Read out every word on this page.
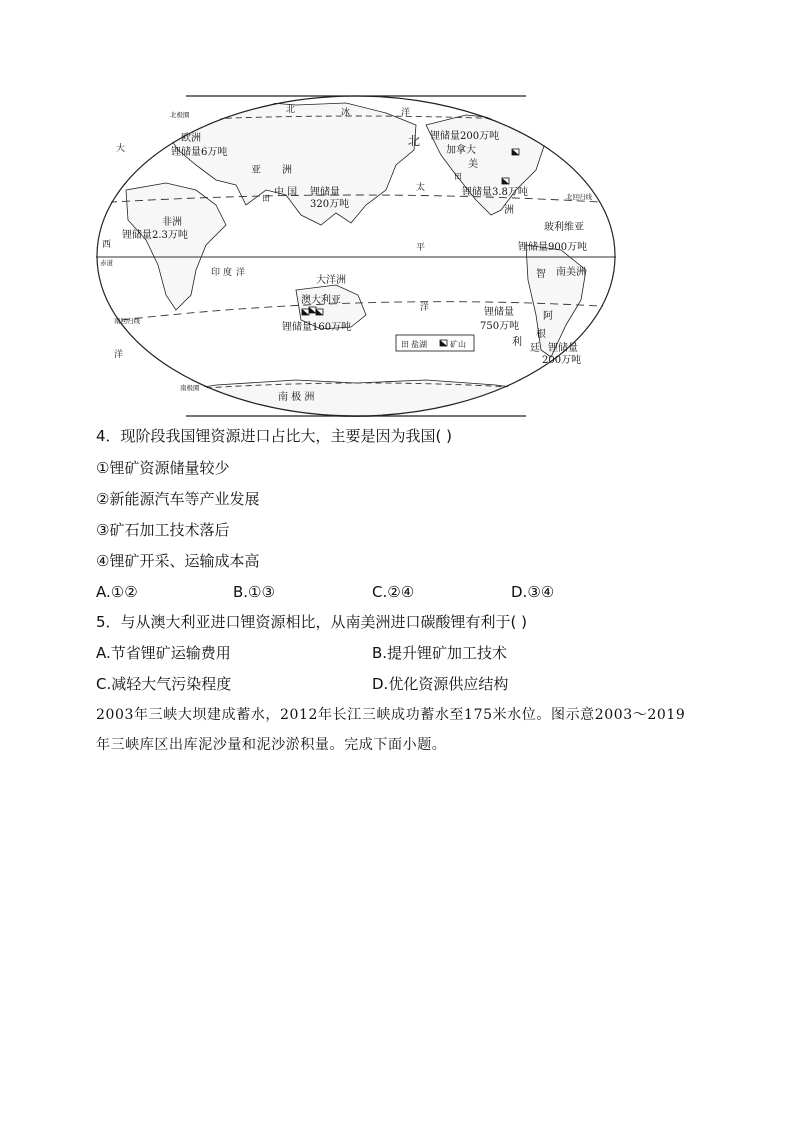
北	冰	洋
太
平
洋
印 度 洋
大
西
洋
北极圈
北回归线
赤道
南回归线
南极圈
欧洲
亚 洲
非洲
大洋洲
澳大利亚
北
美
洲
加拿大
南美洲
南 极 洲
中 国
玻利维亚
智
利
阿
根
廷
锂储量6万吨
锂储量
320万吨
锂储量2.3万吨
锂储量200万吨
锂储量3.8万吨
锂储量900万吨
锂储量160万吨
锂储量
750万吨
锂储量
200万吨
田
田
田 盐湖	矿山
4．现阶段我国锂资源进口占比大，主要是因为我国( )
①锂矿资源储量较少
②新能源汽车等产业发展
③矿石加工技术落后
④锂矿开采、运输成本高
A.①②	B.①③	C.②④	D.③④
5．与从澳大利亚进口锂资源相比，从南美洲进口碳酸锂有利于( )
A.节省锂矿运输费用	B.提升锂矿加工技术
C.减轻大气污染程度	D.优化资源供应结构
2003年三峡大坝建成蓄水，2012年长江三峡成功蓄水至175米水位。图示意2003～2019
年三峡库区出库泥沙量和泥沙淤积量。完成下面小题。
